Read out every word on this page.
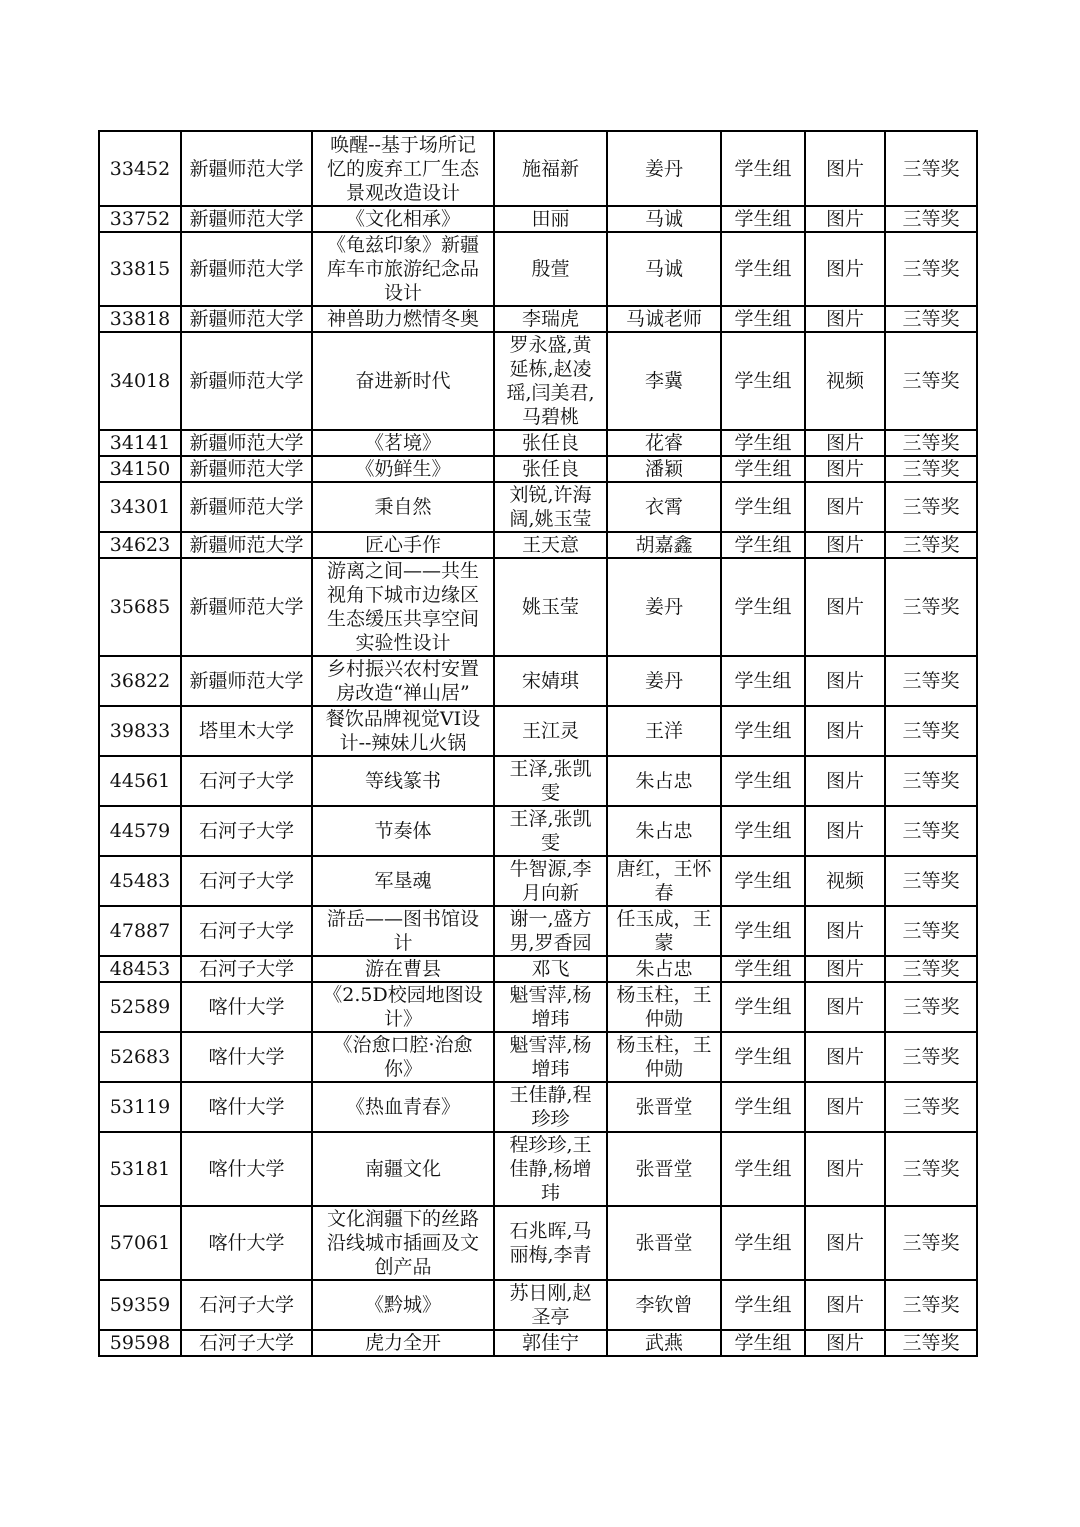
33452	新疆师范大学	唤醒--基于场所记
忆的废弃工厂生态
景观改造设计	施福新	姜丹	学生组	图片	三等奖
33752	新疆师范大学	《文化相承》	田丽	马诚	学生组	图片	三等奖
33815	新疆师范大学	《龟兹印象》新疆
库车市旅游纪念品
设计	殷萱	马诚	学生组	图片	三等奖
33818	新疆师范大学	神兽助力燃情冬奥	李瑞虎	马诚老师	学生组	图片	三等奖
34018	新疆师范大学	奋进新时代	罗永盛,黄
延栋,赵凌
瑶,闫美君,
马碧桃	李冀	学生组	视频	三等奖
34141	新疆师范大学	《茗境》	张任良	花睿	学生组	图片	三等奖
34150	新疆师范大学	《奶鲜生》	张任良	潘颖	学生组	图片	三等奖
34301	新疆师范大学	秉自然	刘锐,许海
阔,姚玉莹	衣霄	学生组	图片	三等奖
34623	新疆师范大学	匠心手作	王天意	胡嘉鑫	学生组	图片	三等奖
35685	新疆师范大学	游离之间——共生
视角下城市边缘区
生态缓压共享空间
实验性设计	姚玉莹	姜丹	学生组	图片	三等奖
36822	新疆师范大学	乡村振兴农村安置
房改造“禅山居”	宋婧琪	姜丹	学生组	图片	三等奖
39833	塔里木大学	餐饮品牌视觉VI设
计--辣妹儿火锅	王江灵	王洋	学生组	图片	三等奖
44561	石河子大学	等线篆书	王泽,张凯
雯	朱占忠	学生组	图片	三等奖
44579	石河子大学	节奏体	王泽,张凯
雯	朱占忠	学生组	图片	三等奖
45483	石河子大学	军垦魂	牛智源,李
月向新	唐红，王怀
春	学生组	视频	三等奖
47887	石河子大学	滸岳——图书馆设
计	谢一,盛方
男,罗香园	任玉成，王
蒙	学生组	图片	三等奖
48453	石河子大学	游在曹县	邓飞	朱占忠	学生组	图片	三等奖
52589	喀什大学	《2.5D校园地图设
计》	魁雪萍,杨
增玮	杨玉柱，王
仲勋	学生组	图片	三等奖
52683	喀什大学	《治愈口腔·治愈
你》	魁雪萍,杨
增玮	杨玉柱，王
仲勋	学生组	图片	三等奖
53119	喀什大学	《热血青春》	王佳静,程
珍珍	张晋堂	学生组	图片	三等奖
53181	喀什大学	南疆文化	程珍珍,王
佳静,杨增
玮	张晋堂	学生组	图片	三等奖
57061	喀什大学	文化润疆下的丝路
沿线城市插画及文
创产品	石兆晖,马
丽梅,李青	张晋堂	学生组	图片	三等奖
59359	石河子大学	《黔城》	苏日刚,赵
圣亭	李钦曾	学生组	图片	三等奖
59598	石河子大学	虎力全开	郭佳宁	武燕	学生组	图片	三等奖
